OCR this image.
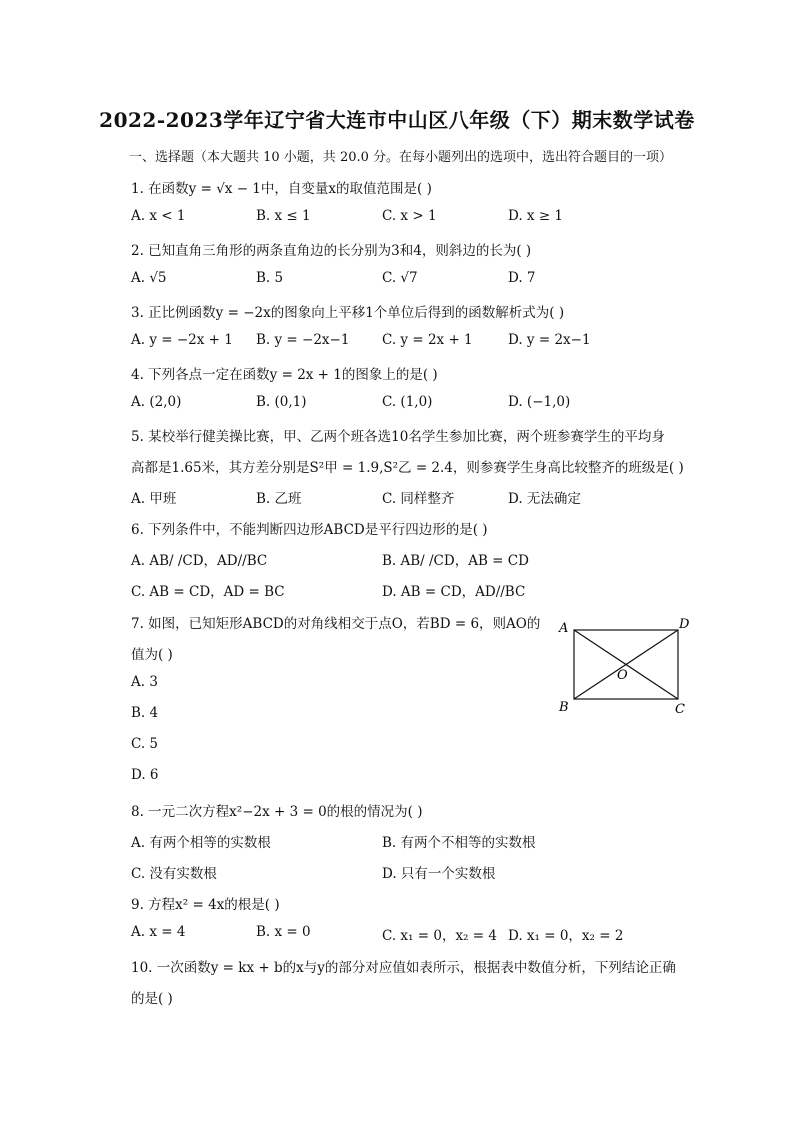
2022-2023学年辽宁省大连市中山区八年级（下）期末数学试卷
一、选择题（本大题共 10 小题，共 20.0 分。在每小题列出的选项中，选出符合题目的一项）
1. 在函数y = √x − 1中，自变量x的取值范围是( )
A. x < 1	B. x ≤ 1	C. x > 1	D. x ≥ 1
2. 已知直角三角形的两条直角边的长分别为3和4，则斜边的长为( )
A. √5	B. 5	C. √7	D. 7
3. 正比例函数y = −2x的图象向上平移1个单位后得到的函数解析式为( )
A. y = −2x + 1 B. y = −2x−1 C. y = 2x + 1	D. y = 2x−1
4. 下列各点一定在函数y = 2x + 1的图象上的是( )
A. (2,0)	B. (0,1)	C. (1,0)	D. (−1,0)
5. 某校举行健美操比赛，甲、乙两个班各选10名学生参加比赛，两个班参赛学生的平均身
高都是1.65米，其方差分别是S²甲 = 1.9,S²乙 = 2.4，则参赛学生身高比较整齐的班级是( )
A. 甲班	B. 乙班	C. 同样整齐	D. 无法确定
6. 下列条件中，不能判断四边形ABCD是平行四边形的是( )
A. AB/ /CD，AD//BC	B. AB/ /CD，AB = CD
C. AB = CD，AD = BC	D. AB = CD，AD//BC
7. 如图，已知矩形ABCD的对角线相交于点O，若BD = 6，则AO的
值为( )
A. 3
B. 4
C. 5
D. 6
A	D
O
B	C
8. 一元二次方程x²−2x + 3 = 0的根的情况为( )
A. 有两个相等的实数根	B. 有两个不相等的实数根
C. 没有实数根	D. 只有一个实数根
9. 方程x² = 4x的根是( )
A. x = 4	B. x = 0	C. x₁ = 0，x₂ = 4 D. x₁ = 0，x₂ = 2
10. 一次函数y = kx + b的x与y的部分对应值如表所示，根据表中数值分析，下列结论正确
的是( )
